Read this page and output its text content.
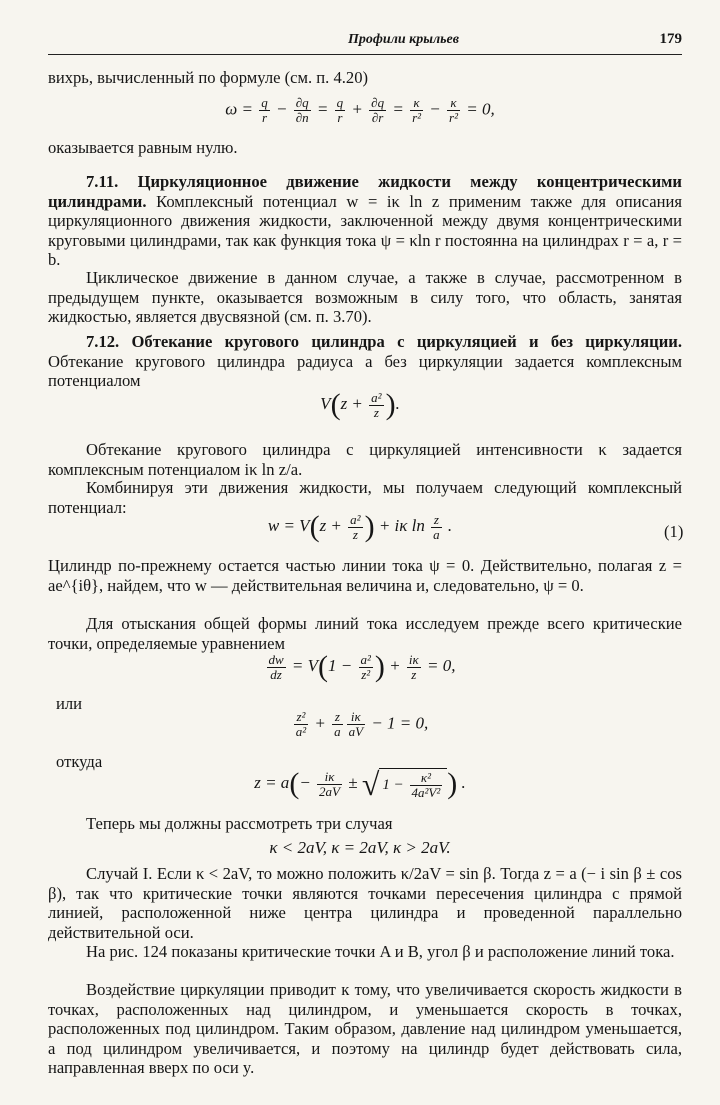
Профили крыльев	179
вихрь, вычисленный по формуле (см. п. 4.20)
$\omega = \frac{q}{r} - \frac{\partial q}{\partial n} = \frac{q}{r} + \frac{\partial q}{\partial r} = \frac{\kappa}{\text{r²}} - \frac{\kappa}{\text{r²}} = 0$,
оказывается равным нулю.
7.11. Циркуляционное движение жидкости между концентрическими цилиндрами. Комплексный потенциал w = iκ ln z применим также для описания циркуляционного движения жидкости, заключенной между двумя концентрическими круговыми цилиндрами, так как функция тока ψ = κln r постоянна на цилиндрах r = a, r = b.
Циклическое движение в данном случае, а также в случае, рассмотренном в предыдущем пункте, оказывается возможным в силу того, что область, занятая жидкостью, является двусвязной (см. п. 3.70).
7.12. Обтекание кругового цилиндра с циркуляцией и без циркуляции. Обтекание кругового цилиндра радиуса a без циркуляции задается комплексным потенциалом
$V(z + \frac{\text{a²}}{z}$ ).
Обтекание кругового цилиндра с циркуляцией интенсивности κ задается комплексным потенциалом iκ ln z/a.
Комбинируя эти движения жидкости, мы получаем следующий комплексный потенциал:
$w = V(z + \frac{\text{a²}}{z}$ ) + iκ $\ln \frac{z}{a}$ .	(1)
Цилиндр по-прежнему остается частью линии тока ψ = 0. Действительно, полагая z = ae^{iθ}, найдем, что w — действительная величина и, следовательно, ψ = 0.
Для отыскания общей формы линий тока исследуем прежде всего критические точки, определяемые уравнением
$\frac{dw}{dz} = V(1 - \frac{\text{a²}}{\text{z²}}$ ) + $\frac{i\kappa}{z} = 0$,
или
$\frac{\text{z²}}{\text{a²}} + \frac{z}{a} \frac{i\kappa}{aV} - 1 = 0$,
откуда
$z = a(- \frac{i\kappa}{2aV}$ ± √ $1 - \frac{\text{κ²}}{\text{4a²V²}}$ ) .
Теперь мы должны рассмотреть три случая
κ < 2aV, κ = 2aV, κ > 2aV.
Случай I. Если κ < 2aV, то можно положить κ/2aV = sin β. Тогда z = a (− i sin β ± cos β), так что критические точки являются точками пересечения цилиндра с прямой линией, расположенной ниже центра цилиндра и проведенной параллельно действительной оси.
На рис. 124 показаны критические точки A и B, угол β и расположение линий тока.
Воздействие циркуляции приводит к тому, что увеличивается скорость жидкости в точках, расположенных над цилиндром, и уменьшается скорость в точках, расположенных под цилиндром. Таким образом, давление над цилиндром уменьшается, а под цилиндром увеличивается, и поэтому на цилиндр будет действовать сила, направленная вверх по оси y.
